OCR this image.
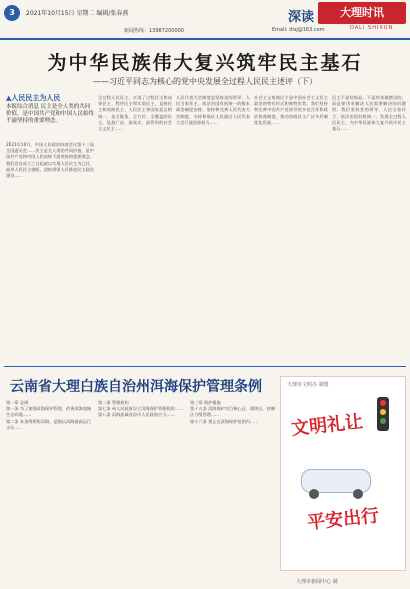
3	2021年10月15日 星期二 编辑/张春燕	深读	大理时讯
DALI SHIXUN
新闻热线：13987200000	Email: dlsj@163.com
为中华民族伟大复兴筑牢民主基石
——习近平同志为核心的党中央发展全过程人民民主述评（下）
▲人民民主为人民
本报综合消息 民主是全人类的共同价值，是中国共产党和中国人民始终不渝坚持的重要理念。
2021年10月，中国人民政治协商会议第十三届全国委员会……民主是全人类的共同价值，是中国共产党和中国人民始终不渝坚持的重要理念。我们党自成立之日起就以实现人民民主为己任，高举人民民主旗帜，团结带领人民推进民主政治建设……
全过程人民民主，实现了过程民主和成果民主、程序民主和实质民主、直接民主和间接民主、人民民主和国家意志相统一，是全链条、全方位、全覆盖的民主，是最广泛、最真实、最管用的社会主义民主……
人民代表大会制度是坚持党的领导、人民当家作主、依法治国有机统一的根本政治制度安排。坚持和完善人民代表大会制度，支持和保证人民通过人民代表大会行使国家权力……
社会主义协商民主是中国社会主义民主政治的特有形式和独特优势。我们坚持和完善中国共产党领导的多党合作和政治协商制度，推动协商民主广泛多层制度化发展……
民主不是装饰品，不是用来做摆设的，而是要用来解决人民需要解决的问题的。我们坚持党的领导、人民当家作主、依法治国有机统一，发展全过程人民民主，为中华民族伟大复兴筑牢民主基石……
云南省大理白族自治州洱海保护管理条例
第一章 总则
第一条 为了加强洱海保护管理，改善洱海流域生态环境……
第二条 本条例所称洱海，是指以洱海最高运行水位……
第二章 管理机构
第七条 州人民政府设立洱海保护管理机构……
第八条 洱海流域各县市人民政府应当……
第三章 保护措施
第十五条 洱海保护实行核心区、缓冲区、控制区分级管理……
第十六条 禁止在洱海保护范围内……
大理市文明办 制图
文明礼让
平安出行
大理市新闻中心 制
